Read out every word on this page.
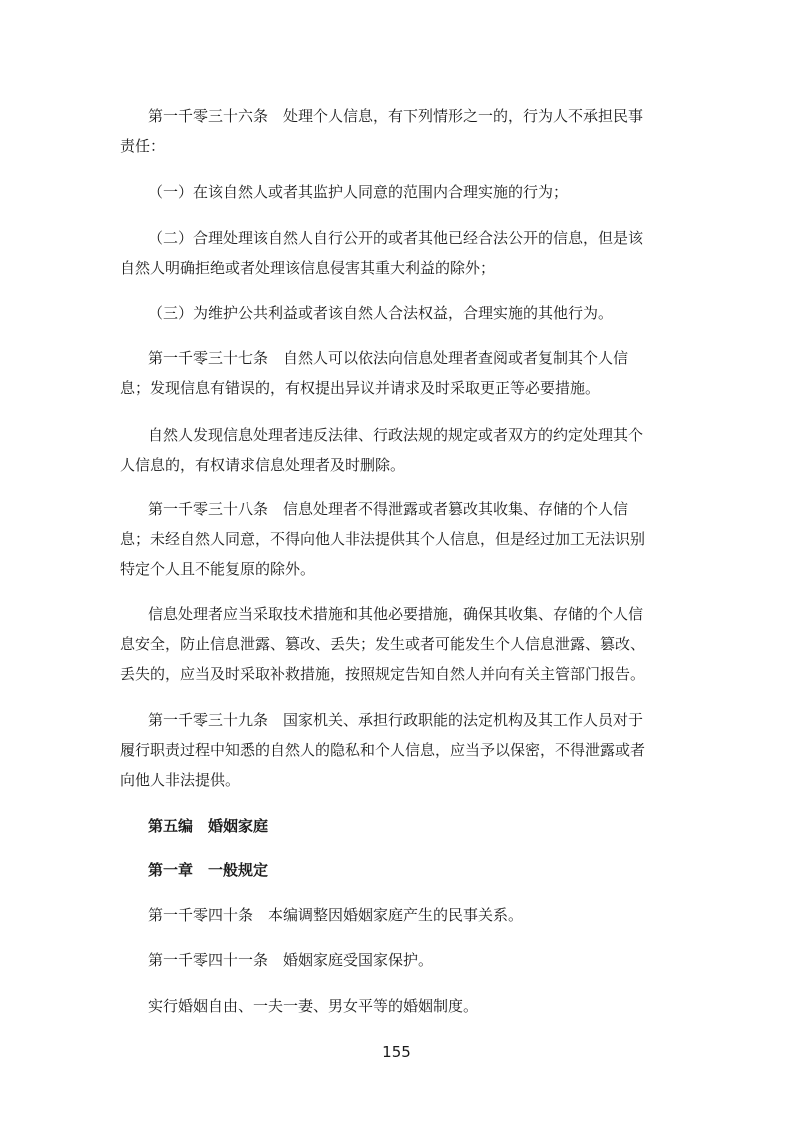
第一千零三十六条　处理个人信息，有下列情形之一的，行为人不承担民事

责任：

（一）在该自然人或者其监护人同意的范围内合理实施的行为；

（二）合理处理该自然人自行公开的或者其他已经合法公开的信息，但是该

自然人明确拒绝或者处理该信息侵害其重大利益的除外；

（三）为维护公共利益或者该自然人合法权益，合理实施的其他行为。

第一千零三十七条　自然人可以依法向信息处理者查阅或者复制其个人信

息；发现信息有错误的，有权提出异议并请求及时采取更正等必要措施。

自然人发现信息处理者违反法律、行政法规的规定或者双方的约定处理其个

人信息的，有权请求信息处理者及时删除。

第一千零三十八条　信息处理者不得泄露或者篡改其收集、存储的个人信

息；未经自然人同意，不得向他人非法提供其个人信息，但是经过加工无法识别
特定个人且不能复原的除外。

信息处理者应当采取技术措施和其他必要措施，确保其收集、存储的个人信

息安全，防止信息泄露、篡改、丢失；发生或者可能发生个人信息泄露、篡改、
丢失的，应当及时采取补救措施，按照规定告知自然人并向有关主管部门报告。

第一千零三十九条　国家机关、承担行政职能的法定机构及其工作人员对于

履行职责过程中知悉的自然人的隐私和个人信息，应当予以保密，不得泄露或者
向他人非法提供。

第五编　婚姻家庭

第一章　一般规定

第一千零四十条　本编调整因婚姻家庭产生的民事关系。

第一千零四十一条　婚姻家庭受国家保护。

实行婚姻自由、一夫一妻、男女平等的婚姻制度。

155
